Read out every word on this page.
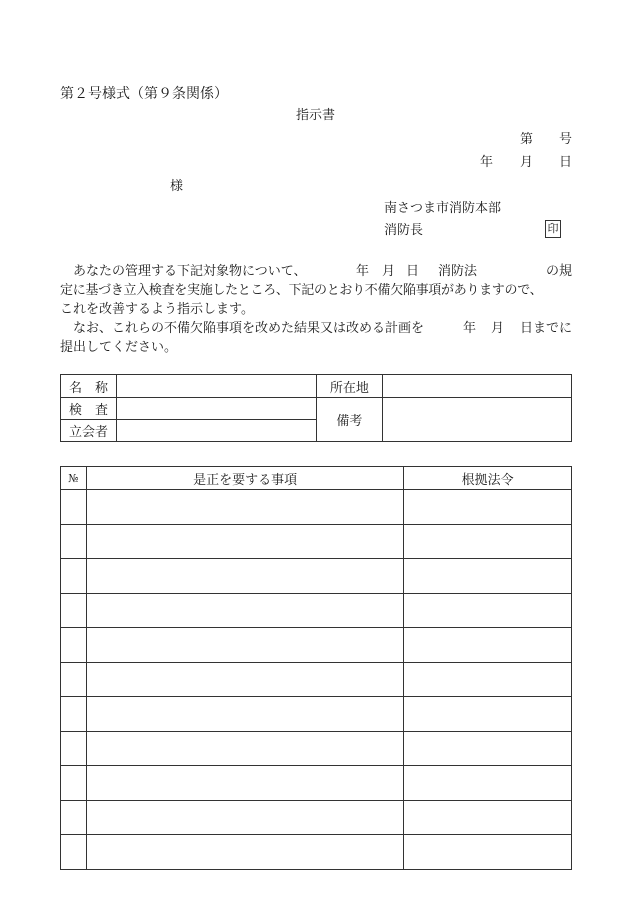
第２号様式（第９条関係）
指示書
第 号
年 月 日
様
南さつま市消防本部
消防長	印
あなたの管理する下記対象物について、	年 月 日 消防法	の規
定に基づき立入検査を実施したところ、下記のとおり不備欠陥事項がありますので、
これを改善するよう指示します。
なお、これらの不備欠陥事項を改めた結果又は改める計画を	年 月 日までに
提出してください。
名　称		所在地	
検　査		備考	
立会者			
№	是正を要する事項	根拠法令
